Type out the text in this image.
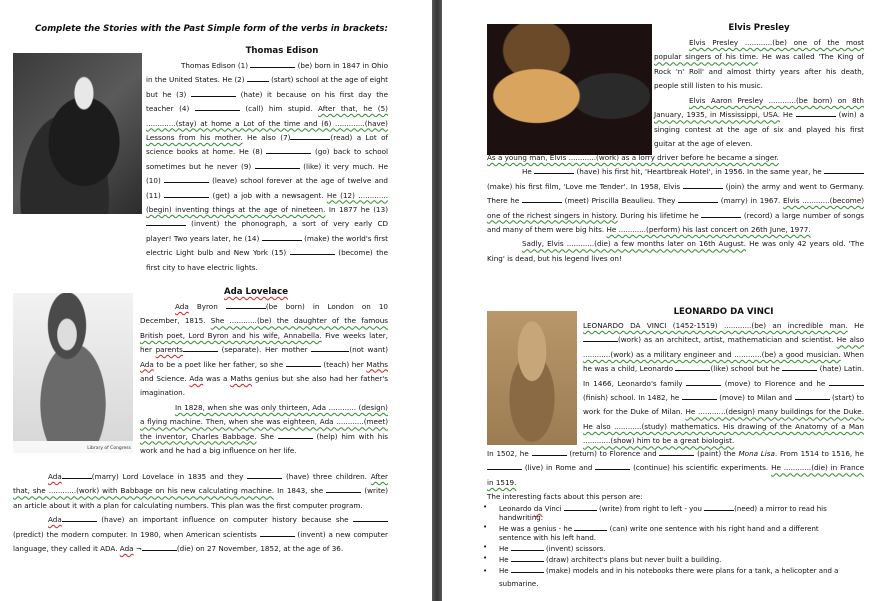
Complete the Stories with the Past Simple form of the verbs in brackets:
Thomas Edison

Thomas Edison (1)	(be) born in 1847 in Ohio in the United States. He (2)	(start) school at the age of eight but he (3)	(hate) it because on his first day the teacher (4)	(call) him stupid. After that, he (5) .............(stay) at home a Lot of the time and (6) .............(have) Lessons from his mother. He also (7)	(read) a Lot of science books at home. He (8)	(go) back to school sometimes but he never (9)	(like) it very much. He (10)	(leave) school forever at the age of twelve and (11)	(get) a job with a newsagent. He (12) .............(begin) inventing things at the age of nineteen. In 1877 he (13)  (invent) the phonograph, a sort of very early CD player! Two years later, he (14)	(make) the world's first electric Light bulb and New York (15)	(become) the first city to have electric lights.

Library of Congress
Ada Lovelace

Ada Byron	(be born) in London on 10 December, 1815. She ............(be) the daughter of the famous British poet, Lord Byron and his wife, Annabella. Five weeks later, her parents	(separate). Her mother	(not want) Ada to be a poet like her father, so she	(teach) her Maths and Science. Ada was a Maths genius but she also had her father's imagination.

In 1828, when she was only thirteen, Ada ............ (design) a flying machine. Then, when she was eighteen, Ada ............(meet) the inventor, Charles Babbage. She	(help) him with his work and he had a big influence on her life.

Ada	(marry) Lord Lovelace in 1835 and they	(have) three children. After that, she ............(work) with Babbage on his new calculating machine. In 1843, she	(write) an article about it with a plan for calculating numbers. This plan was the first computer program.

Ada	(have) an important influence on computer history because she  (predict) the modern computer. In 1980, when American scientists	(invent) a new computer language, they called it ADA. Ada ¬	(die) on 27 November, 1852, at the age of 36.

Elvis Presley

Elvis Presley ............(be) one of the most popular singers of his time. He was called 'The King of Rock 'n' Roll' and almost thirty years after his death, people still listen to his music.

Elvis Aaron Presley ............(be born) on 8th January, 1935, in Mississippi, USA. He	(win) a singing contest at the age of six and played his first guitar at the age of eleven.

As a young man, Elvis ............(work) as a lorry driver before he became a singer.

He	(have) his first hit, 'Heartbreak Hotel', in 1956. In the same year, he  (make) his first film, 'Love me Tender'. In 1958, Elvis	(join) the army and went to Germany. There he	(meet) Priscilla Beaulieu. They	(marry) in 1967. Elvis ............(become) one of the richest singers in history. During his lifetime he	(record) a large number of songs and many of them were big hits. He ............(perform) his last concert on 26th June, 1977.

Sadly, Elvis ............(die) a few months later on 16th August. He was only 42 years old. 'The King' is dead, but his legend lives on!

LEONARDO DA VINCI

LEONARDO DA VINCI (1452-1519) ............(be) an incredible man. He (work) as an architect, artist, mathematician and scientist. He also ............(work) as a military engineer and ............(be) a good musician. When he was a child, Leonardo	(like) school but he	(hate) Latin. In 1466, Leonardo's family	(move) to Florence and he  (finish) school. In 1482, he	(move) to Milan and	(start) to work for the Duke of Milan. He ............(design) many buildings for the Duke. He also ............(study) mathematics. His drawing of the Anatomy of a Man ............(show) him to be a great biologist.

In 1502, he	(return) to Florence and	(paint) the Mona Lisa. From 1514 to 1516, he  (live) in Rome and	(continue) his scientific experiments. He ............(die) in France in 1519.

The interesting facts about this person are:

• Leonardo da Vinci	(write) from right to left - you	(need) a mirror to read his handwriting.
• He was a genius - he	(can) write one sentence with his right hand and a different sentence with his left hand.
• He	(invent) scissors.
• He	(draw) architect's plans but never built a building.
• He	(make) models and in his notebooks there were plans for a tank, a helicopter and a submarine.
